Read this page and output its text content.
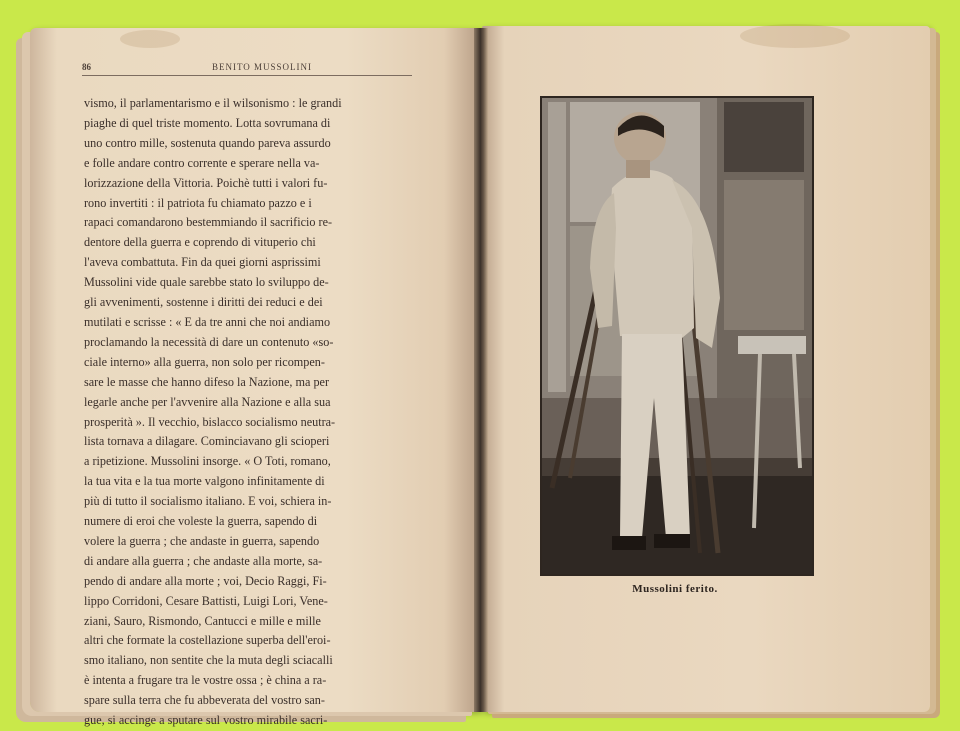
86	BENITO MUSSOLINI
vismo, il parlamentarismo e il wilsonismo : le grandi
piaghe di quel triste momento. Lotta sovrumana di
uno contro mille, sostenuta quando pareva assurdo
e folle andare contro corrente e sperare nella va-
lorizzazione della Vittoria. Poichè tutti i valori fu-
rono invertiti : il patriota fu chiamato pazzo e i
rapaci comandarono bestemmiando il sacrificio re-
dentore della guerra e coprendo di vituperio chi
l'aveva combattuta. Fin da quei giorni asprissimi
Mussolini vide quale sarebbe stato lo sviluppo de-
gli avvenimenti, sostenne i diritti dei reduci e dei
mutilati e scrisse : « E da tre anni che noi andiamo
proclamando la necessità di dare un contenuto «so-
ciale interno» alla guerra, non solo per ricompen-
sare le masse che hanno difeso la Nazione, ma per
legarle anche per l'avvenire alla Nazione e alla sua
prosperità ». Il vecchio, bislacco socialismo neutra-
lista tornava a dilagare. Cominciavano gli scioperi
a ripetizione. Mussolini insorge. « O Toti, romano,
la tua vita e la tua morte valgono infinitamente di
più di tutto il socialismo italiano. E voi, schiera in-
numere di eroi che voleste la guerra, sapendo di
volere la guerra ; che andaste in guerra, sapendo
di andare alla guerra ; che andaste alla morte, sa-
pendo di andare alla morte ; voi, Decio Raggi, Fi-
lippo Corridoni, Cesare Battisti, Luigi Lori, Vene-
ziani, Sauro, Rismondo, Cantucci e mille e mille
altri che formate la costellazione superba dell'eroi-
smo italiano, non sentite che la muta degli sciacalli
è intenta a frugare tra le vostre ossa ; è china a ra-
spare sulla terra che fu abbeverata del vostro san-
gue, si accinge a sputare sul vostro mirabile sacri-
Mussolini ferito.
